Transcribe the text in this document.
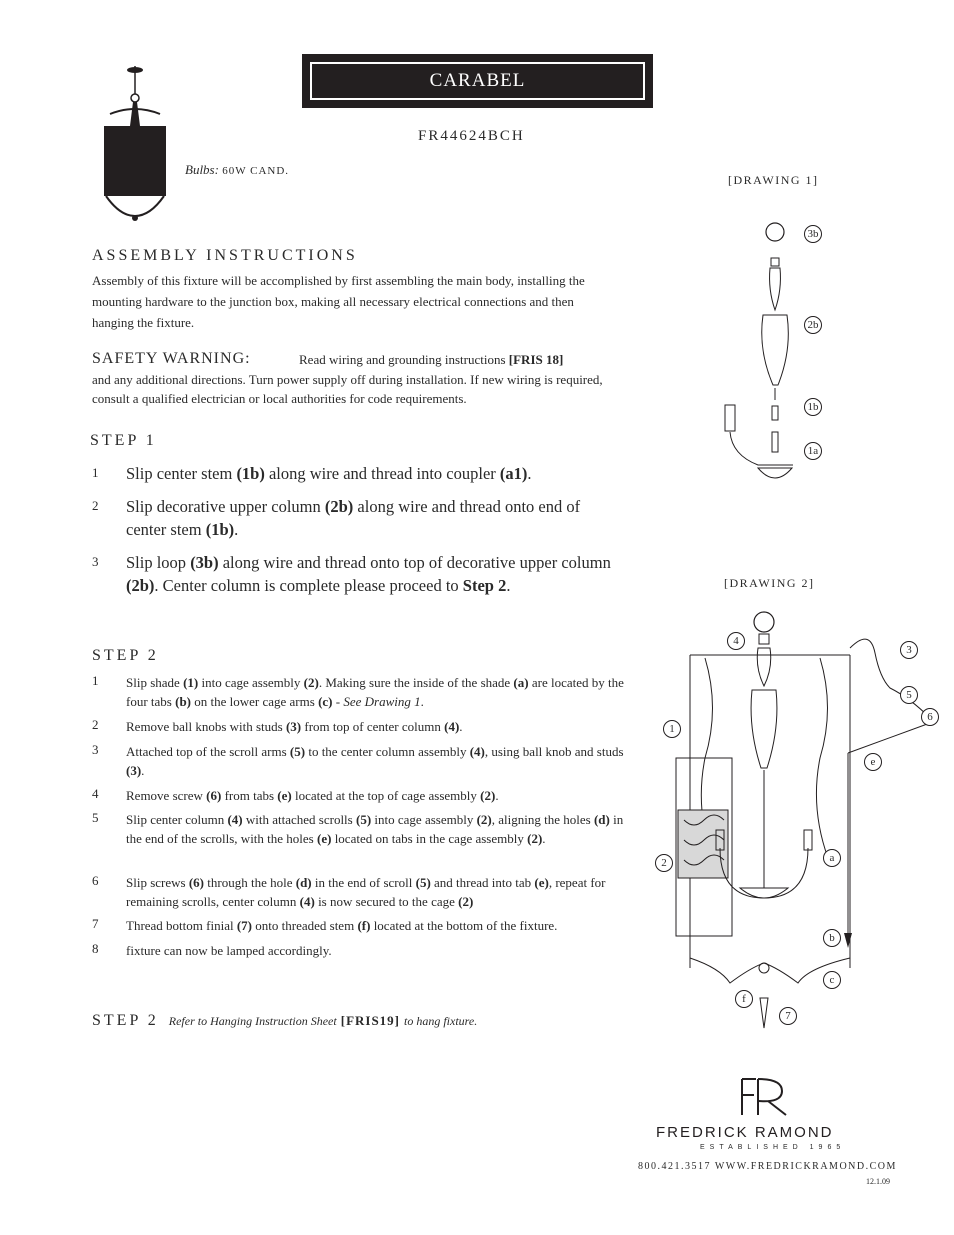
CARABEL
FR44624BCH
Bulbs: 60W CAND.
[DRAWING 1]
3b
2b
1b
1a
[DRAWING 2]
4
3
5
6
1
e
2	a
b
c
f
7
ASSEMBLY INSTRUCTIONS
Assembly of this fixture will be accomplished by first assembling the main body, installing the mounting hardware to the junction box, making all necessary electrical connections and then hanging the fixture.
SAFETY WARNING:	Read wiring and grounding instructions [FRIS 18]
and any additional directions. Turn power supply off during installation. If new wiring is required, consult a qualified electrician or local authorities for code requirements.
STEP 1
1 Slip center stem (1b) along wire and thread into coupler (a1).
2 Slip decorative upper column (2b) along wire and thread onto end of center stem (1b).
3 Slip loop (3b) along wire and thread onto top of decorative upper column (2b). Center column is complete please proceed to Step 2.
STEP 2
1 Slip shade (1) into cage assembly (2). Making sure the inside of the shade (a) are located by the four tabs (b) on the lower cage arms (c) - See Drawing 1.
2 Remove ball knobs with studs (3) from top of center column (4).
3 Attached top of the scroll arms (5) to the center column assembly (4), using ball knob and studs (3).
4 Remove screw (6) from tabs (e) located at the top of cage assembly (2).
5 Slip center column (4) with attached scrolls (5) into cage assembly (2), aligning the holes (d) in the end of the scrolls, with the holes (e) located on tabs in the cage assembly (2).
6 Slip screws (6) through the hole (d) in the end of scroll (5) and thread into tab (e), repeat for remaining scrolls, center column (4) is now secured to the cage (2)
7 Thread bottom finial (7) onto threaded stem (f) located at the bottom of the fixture.
8 fixture can now be lamped accordingly.
STEP 2 Refer to Hanging Instruction Sheet [FRIS19] to hang fixture.
FREDRICK RAMOND
ESTABLISHED 1965
800.421.3517 WWW.FREDRICKRAMOND.COM
12.1.09
